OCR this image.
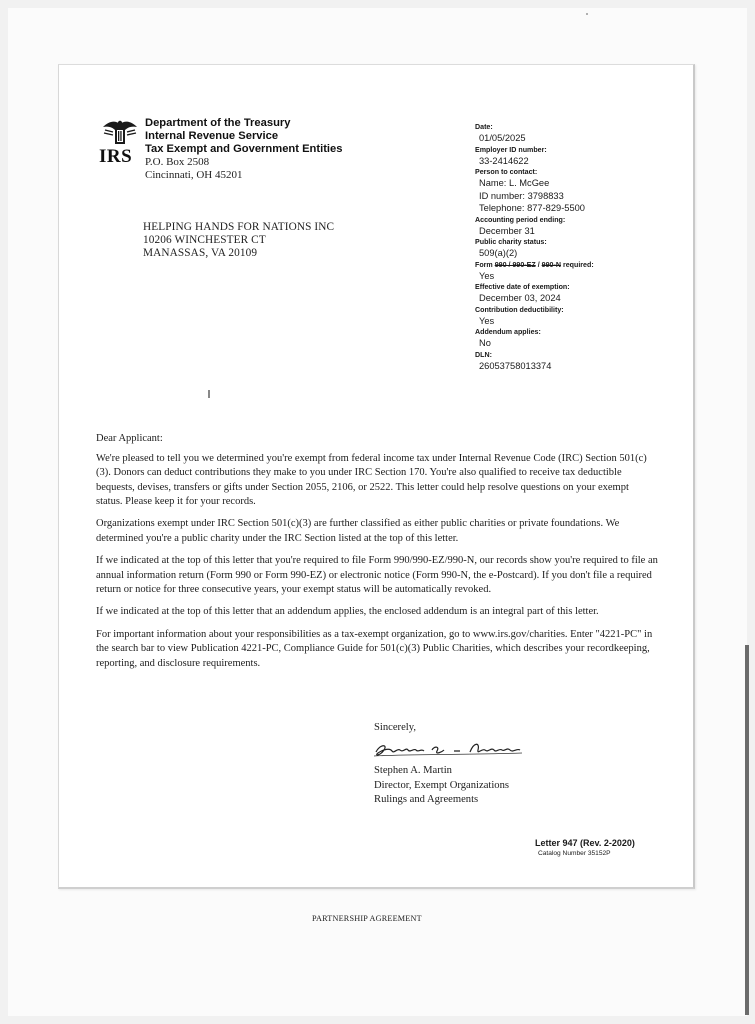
IRS
Department of the Treasury
Internal Revenue Service
Tax Exempt and Government Entities
P.O. Box 2508
Cincinnati, OH 45201
HELPING HANDS FOR NATIONS INC
10206 WINCHESTER CT
MANASSAS, VA 20109
Date:
01/05/2025
Employer ID number:
33-2414622
Person to contact:
Name: L. McGee
ID number: 3798833
Telephone: 877-829-5500
Accounting period ending:
December 31
Public charity status:
509(a)(2)
Form 990 / 990-EZ / 990-N required:
Yes
Effective date of exemption:
December 03, 2024
Contribution deductibility:
Yes
Addendum applies:
No
DLN:
26053758013374

Dear Applicant:

We're pleased to tell you we determined you're exempt from federal income tax under Internal Revenue Code (IRC) Section 501(c)(3). Donors can deduct contributions they make to you under IRC Section 170. You're also qualified to receive tax deductible bequests, devises, transfers or gifts under Section 2055, 2106, or 2522. This letter could help resolve questions on your exempt status. Please keep it for your records.

Organizations exempt under IRC Section 501(c)(3) are further classified as either public charities or private foundations. We determined you're a public charity under the IRC Section listed at the top of this letter.

If we indicated at the top of this letter that you're required to file Form 990/990-EZ/990-N, our records show you're required to file an annual information return (Form 990 or Form 990-EZ) or electronic notice (Form 990-N, the e-Postcard). If you don't file a required return or notice for three consecutive years, your exempt status will be automatically revoked.

If we indicated at the top of this letter that an addendum applies, the enclosed addendum is an integral part of this letter.

For important information about your responsibilities as a tax-exempt organization, go to www.irs.gov/charities. Enter "4221-PC" in the search bar to view Publication 4221-PC, Compliance Guide for 501(c)(3) Public Charities, which describes your recordkeeping, reporting, and disclosure requirements.

Sincerely,
Stephen A. Martin
Director, Exempt Organizations
Rulings and Agreements
Letter 947 (Rev. 2-2020)
Catalog Number 35152P
PARTNERSHIP AGREEMENT
